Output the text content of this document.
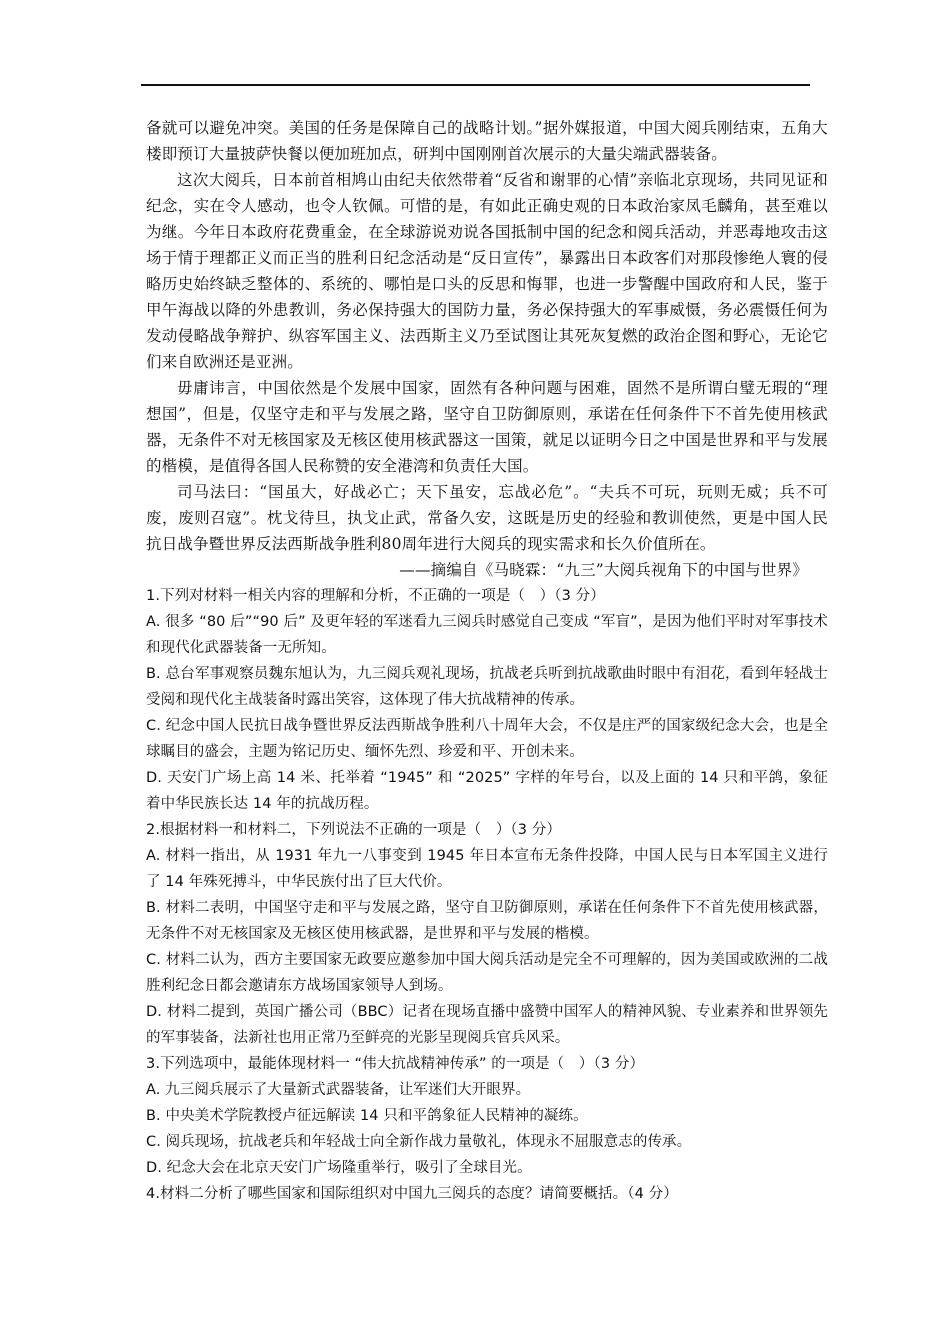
备就可以避免冲突。美国的任务是保障自己的战略计划。”据外媒报道，中国大阅兵刚结束，五角大楼即预订大量披萨快餐以便加班加点，研判中国刚刚首次展示的大量尖端武器装备。

这次大阅兵，日本前首相鸠山由纪夫依然带着“反省和谢罪的心情”亲临北京现场，共同见证和纪念，实在令人感动，也令人钦佩。可惜的是，有如此正确史观的日本政治家凤毛麟角，甚至难以为继。今年日本政府花费重金，在全球游说劝说各国抵制中国的纪念和阅兵活动，并恶毒地攻击这场于情于理都正义而正当的胜利日纪念活动是“反日宣传”，暴露出日本政客们对那段惨绝人寰的侵略历史始终缺乏整体的、系统的、哪怕是口头的反思和悔罪，也进一步警醒中国政府和人民，鉴于甲午海战以降的外患教训，务必保持强大的国防力量，务必保持强大的军事威慑，务必震慑任何为发动侵略战争辩护、纵容军国主义、法西斯主义乃至试图让其死灰复燃的政治企图和野心，无论它们来自欧洲还是亚洲。

毋庸讳言，中国依然是个发展中国家，固然有各种问题与困难，固然不是所谓白璧无瑕的“理想国”，但是，仅坚守走和平与发展之路，坚守自卫防御原则，承诺在任何条件下不首先使用核武器，无条件不对无核国家及无核区使用核武器这一国策，就足以证明今日之中国是世界和平与发展的楷模，是值得各国人民称赞的安全港湾和负责任大国。

司马法曰：“国虽大，好战必亡；天下虽安，忘战必危”。“夫兵不可玩，玩则无威；兵不可废，废则召寇”。枕戈待旦，执戈止武，常备久安，这既是历史的经验和教训使然，更是中国人民抗日战争暨世界反法西斯战争胜利80周年进行大阅兵的现实需求和长久价值所在。

——摘编自《马晓霖：“九三”大阅兵视角下的中国与世界》

1.下列对材料一相关内容的理解和分析，不正确的一项是（　）（3 分）

A. 很多 “80 后”“90 后” 及更年轻的军迷看九三阅兵时感觉自己变成 “军盲”，是因为他们平时对军事技术和现代化武器装备一无所知。

B. 总台军事观察员魏东旭认为，九三阅兵观礼现场，抗战老兵听到抗战歌曲时眼中有泪花，看到年轻战士受阅和现代化主战装备时露出笑容，这体现了伟大抗战精神的传承。

C. 纪念中国人民抗日战争暨世界反法西斯战争胜利八十周年大会，不仅是庄严的国家级纪念大会，也是全球瞩目的盛会，主题为铭记历史、缅怀先烈、珍爱和平、开创未来。

D. 天安门广场上高 14 米、托举着 “1945” 和 “2025” 字样的年号台，以及上面的 14 只和平鸽，象征着中华民族长达 14 年的抗战历程。

2.根据材料一和材料二，下列说法不正确的一项是（　）（3 分）

A. 材料一指出，从 1931 年九一八事变到 1945 年日本宣布无条件投降，中国人民与日本军国主义进行了 14 年殊死搏斗，中华民族付出了巨大代价。

B. 材料二表明，中国坚守走和平与发展之路，坚守自卫防御原则，承诺在任何条件下不首先使用核武器，无条件不对无核国家及无核区使用核武器，是世界和平与发展的楷模。

C. 材料二认为，西方主要国家无政要应邀参加中国大阅兵活动是完全不可理解的，因为美国或欧洲的二战胜利纪念日都会邀请东方战场国家领导人到场。

D. 材料二提到，英国广播公司（BBC）记者在现场直播中盛赞中国军人的精神风貌、专业素养和世界领先的军事装备，法新社也用正常乃至鲜亮的光影呈现阅兵官兵风采。

3.下列选项中，最能体现材料一 “伟大抗战精神传承” 的一项是（　）（3 分）

A. 九三阅兵展示了大量新式武器装备，让军迷们大开眼界。

B. 中央美术学院教授卢征远解读 14 只和平鸽象征人民精神的凝练。

C. 阅兵现场，抗战老兵和年轻战士向全新作战力量敬礼，体现永不屈服意志的传承。

D. 纪念大会在北京天安门广场隆重举行，吸引了全球目光。

4.材料二分析了哪些国家和国际组织对中国九三阅兵的态度？请简要概括。（4 分）
